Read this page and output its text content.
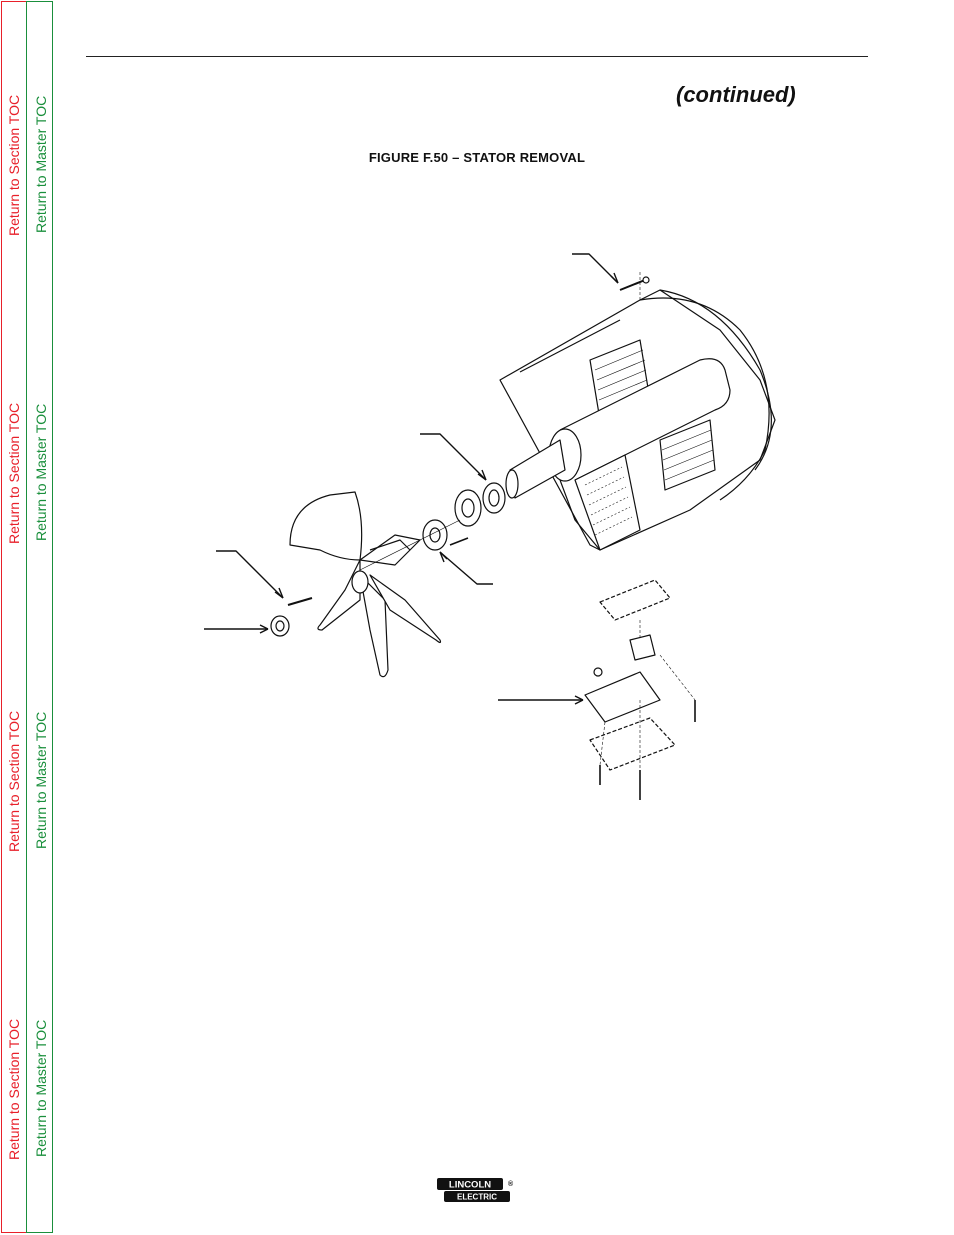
Return to Section TOC Return to Master TOC
Return to Section TOC Return to Master TOC
Return to Section TOC Return to Master TOC
Return to Section TOC Return to Master TOC
(continued)
FIGURE F.50 – STATOR REMOVAL
LINCOLN
ELECTRIC
®
